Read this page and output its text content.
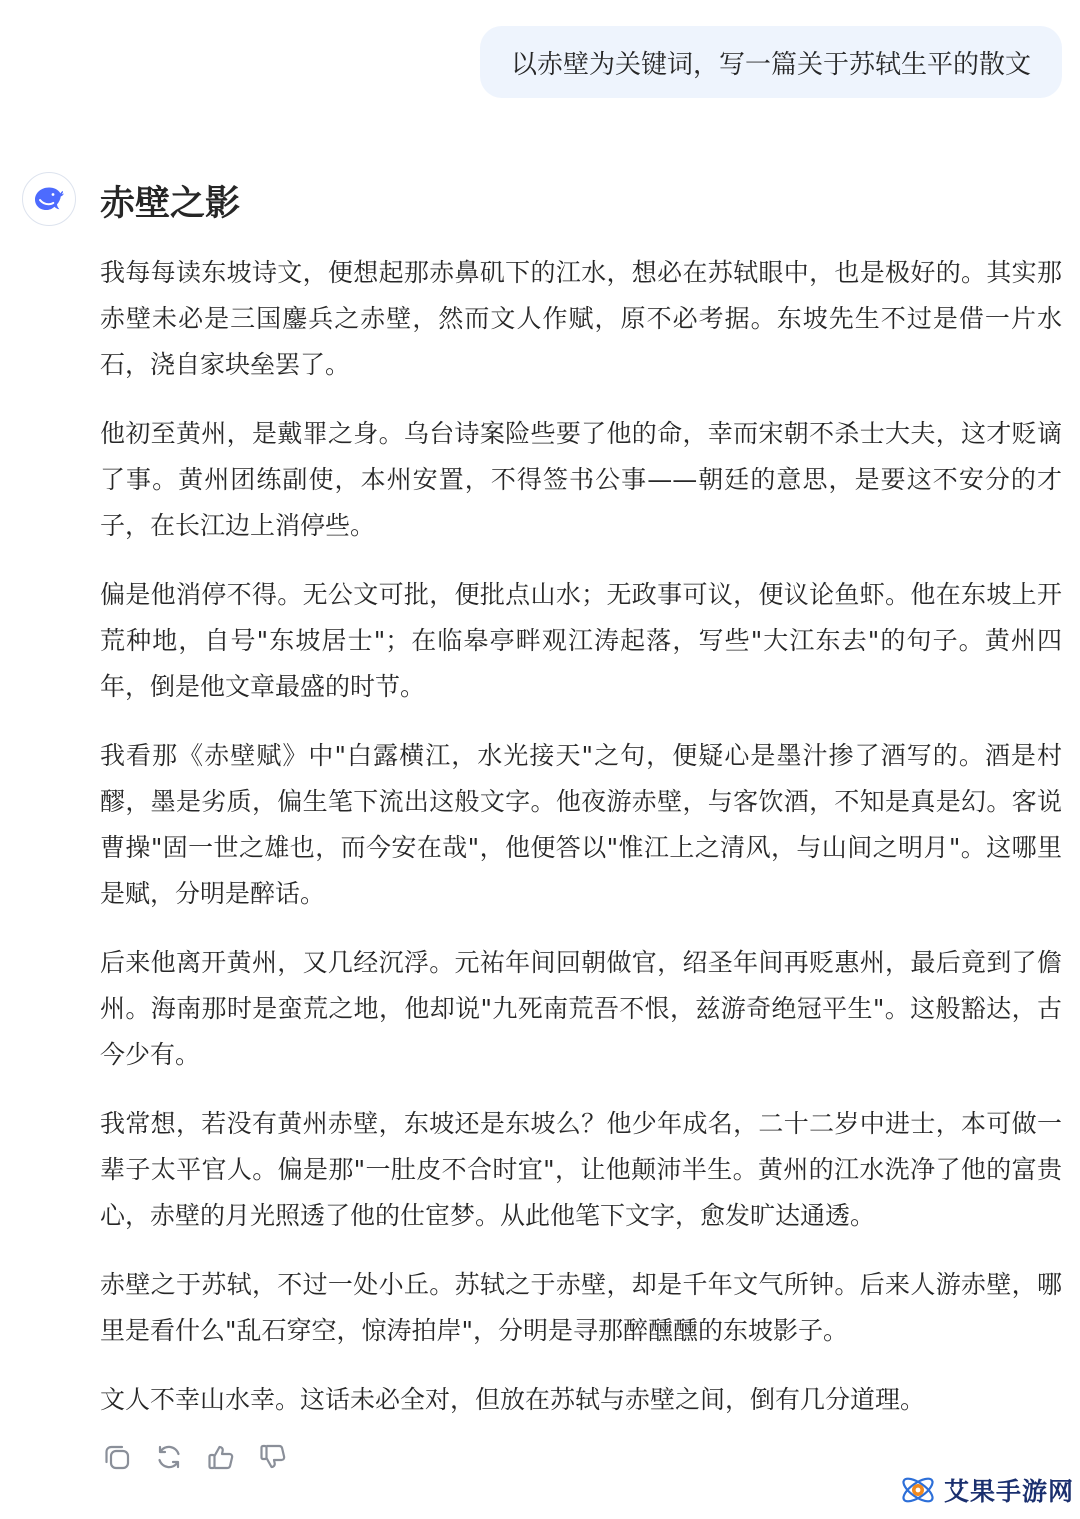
以赤壁为关键词，写一篇关于苏轼生平的散文
赤壁之影
我每每读东坡诗文，便想起那赤鼻矶下的江水，想必在苏轼眼中，也是极好的。其实那赤壁未必是三国鏖兵之赤壁，然而文人作赋，原不必考据。东坡先生不过是借一片水石，浇自家块垒罢了。
他初至黄州，是戴罪之身。乌台诗案险些要了他的命，幸而宋朝不杀士大夫，这才贬谪了事。黄州团练副使，本州安置，不得签书公事——朝廷的意思，是要这不安分的才子，在长江边上消停些。
偏是他消停不得。无公文可批，便批点山水；无政事可议，便议论鱼虾。他在东坡上开荒种地，自号"东坡居士"；在临皋亭畔观江涛起落，写些"大江东去"的句子。黄州四年，倒是他文章最盛的时节。
我看那《赤壁赋》中"白露横江，水光接天"之句，便疑心是墨汁掺了酒写的。酒是村醪，墨是劣质，偏生笔下流出这般文字。他夜游赤壁，与客饮酒，不知是真是幻。客说曹操"固一世之雄也，而今安在哉"，他便答以"惟江上之清风，与山间之明月"。这哪里是赋，分明是醉话。
后来他离开黄州，又几经沉浮。元祐年间回朝做官，绍圣年间再贬惠州，最后竟到了儋州。海南那时是蛮荒之地，他却说"九死南荒吾不恨，兹游奇绝冠平生"。这般豁达，古今少有。
我常想，若没有黄州赤壁，东坡还是东坡么？他少年成名，二十二岁中进士，本可做一辈子太平官人。偏是那"一肚皮不合时宜"，让他颠沛半生。黄州的江水洗净了他的富贵心，赤壁的月光照透了他的仕宦梦。从此他笔下文字，愈发旷达通透。
赤壁之于苏轼，不过一处小丘。苏轼之于赤壁，却是千年文气所钟。后来人游赤壁，哪里是看什么"乱石穿空，惊涛拍岸"，分明是寻那醉醺醺的东坡影子。
文人不幸山水幸。这话未必全对，但放在苏轼与赤壁之间，倒有几分道理。
艾果手游网
